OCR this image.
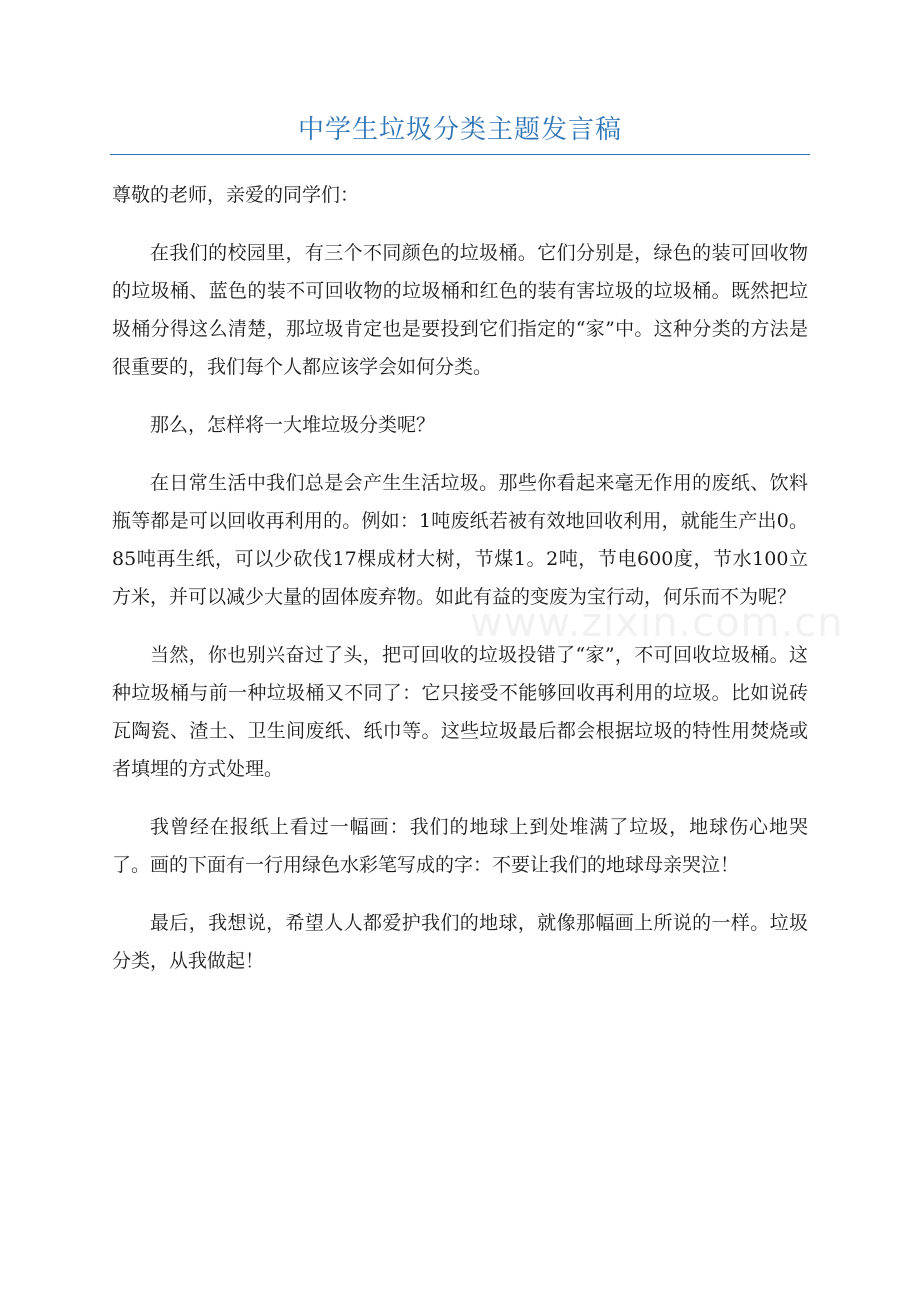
中学生垃圾分类主题发言稿
www.zixin.com.cn

尊敬的老师，亲爱的同学们：

在我们的校园里，有三个不同颜色的垃圾桶。它们分别是，绿色的装可回收物的垃圾桶、蓝色的装不可回收物的垃圾桶和红色的装有害垃圾的垃圾桶。既然把垃圾桶分得这么清楚，那垃圾肯定也是要投到它们指定的“家”中。这种分类的方法是很重要的，我们每个人都应该学会如何分类。

那么，怎样将一大堆垃圾分类呢？

在日常生活中我们总是会产生生活垃圾。那些你看起来毫无作用的废纸、饮料瓶等都是可以回收再利用的。例如：1吨废纸若被有效地回收利用，就能生产出0。85吨再生纸，可以少砍伐17棵成材大树，节煤1。2吨，节电600度，节水100立方米，并可以减少大量的固体废弃物。如此有益的变废为宝行动，何乐而不为呢？

当然，你也别兴奋过了头，把可回收的垃圾投错了“家”，不可回收垃圾桶。这种垃圾桶与前一种垃圾桶又不同了：它只接受不能够回收再利用的垃圾。比如说砖瓦陶瓷、渣土、卫生间废纸、纸巾等。这些垃圾最后都会根据垃圾的特性用焚烧或者填埋的方式处理。

我曾经在报纸上看过一幅画：我们的地球上到处堆满了垃圾，地球伤心地哭了。画的下面有一行用绿色水彩笔写成的字：不要让我们的地球母亲哭泣！

最后，我想说，希望人人都爱护我们的地球，就像那幅画上所说的一样。垃圾分类，从我做起！
